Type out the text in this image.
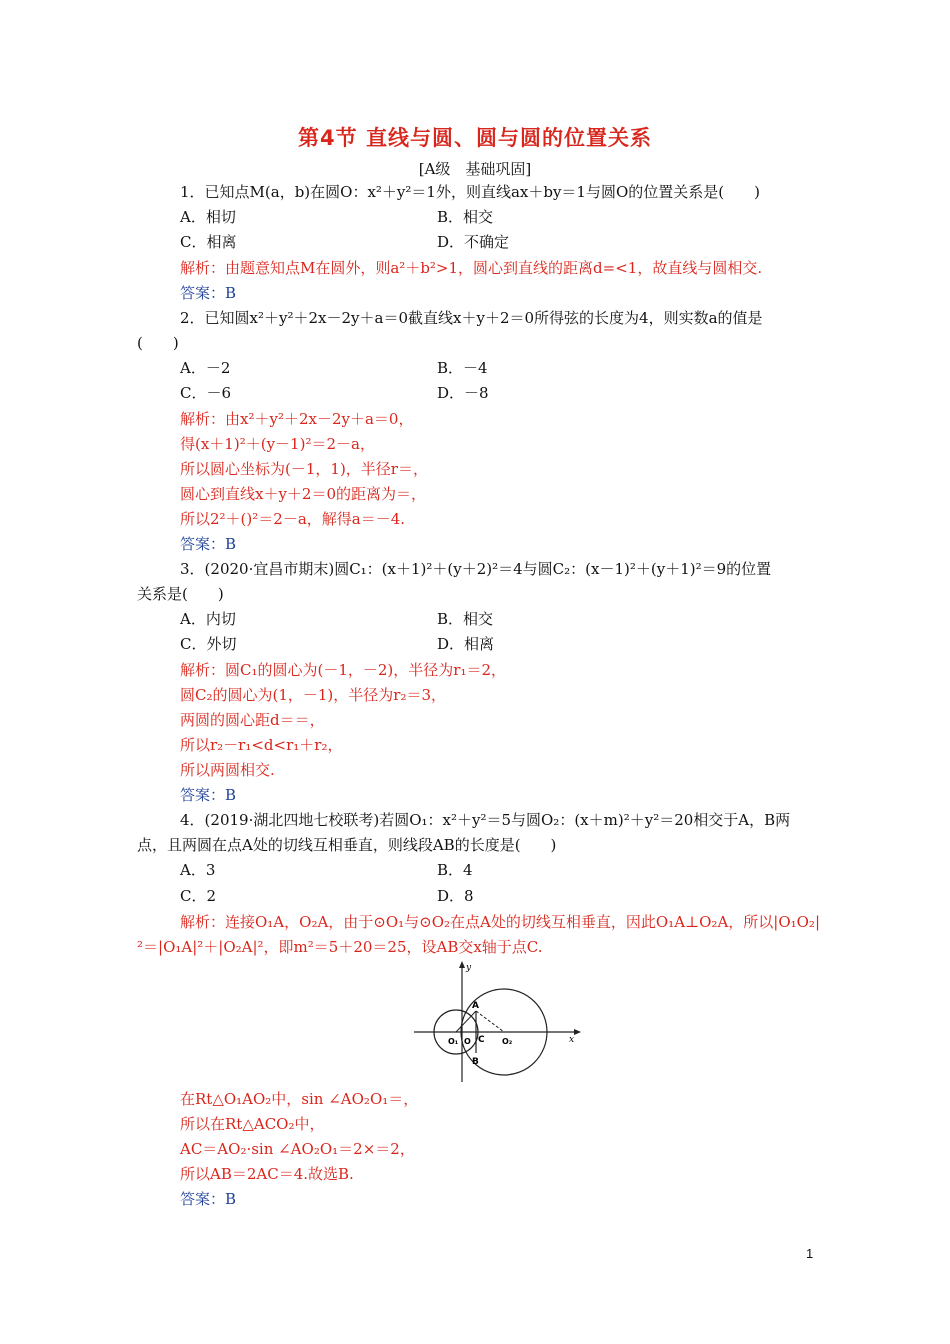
第4节 直线与圆、圆与圆的位置关系
[A级　基础巩固]
1．已知点M(a，b)在圆O：x²＋y²＝1外，则直线ax＋by＝1与圆O的位置关系是(　　)
A．相切	B．相交
C．相离	D．不确定
解析：由题意知点M在圆外，则a²＋b²>1，圆心到直线的距离d=<1，故直线与圆相交.
答案：B
2．已知圆x²＋y²＋2x－2y＋a＝0截直线x＋y＋2＝0所得弦的长度为4，则实数a的值是
(　　)
A．－2	B．－4
C．－6	D．－8
解析：由x²＋y²＋2x－2y＋a＝0，
得(x＋1)²＋(y－1)²＝2－a，
所以圆心坐标为(－1，1)，半径r＝，
圆心到直线x＋y＋2＝0的距离为＝，
所以2²＋()²＝2－a，解得a＝－4.
答案：B
3．(2020·宜昌市期末)圆C₁：(x＋1)²＋(y＋2)²＝4与圆C₂：(x－1)²＋(y＋1)²＝9的位置
关系是(　　)
A．内切	B．相交
C．外切	D．相离
解析：圆C₁的圆心为(－1，－2)，半径为r₁＝2，
圆C₂的圆心为(1，－1)，半径为r₂＝3，
两圆的圆心距d＝＝，
所以r₂－r₁<d<r₁＋r₂，
所以两圆相交.
答案：B
4．(2019·湖北四地七校联考)若圆O₁：x²＋y²＝5与圆O₂：(x＋m)²＋y²＝20相交于A，B两
点，且两圆在点A处的切线互相垂直，则线段AB的长度是(　　)
A．3	B．4
C．2	D．8
解析：连接O₁A，O₂A，由于⊙O₁与⊙O₂在点A处的切线互相垂直，因此O₁A⊥O₂A，所以|O₁O₂|
²＝|O₁A|²＋|O₂A|²，即m²＝5＋20＝25，设AB交x轴于点C.
在Rt△O₁AO₂中，sin ∠AO₂O₁＝，
所以在Rt△ACO₂中，
AC＝AO₂·sin ∠AO₂O₁＝2×＝2，
所以AB＝2AC＝4.故选B.
答案：B
y
x
A
B
C
O₁ O	O₂
1
